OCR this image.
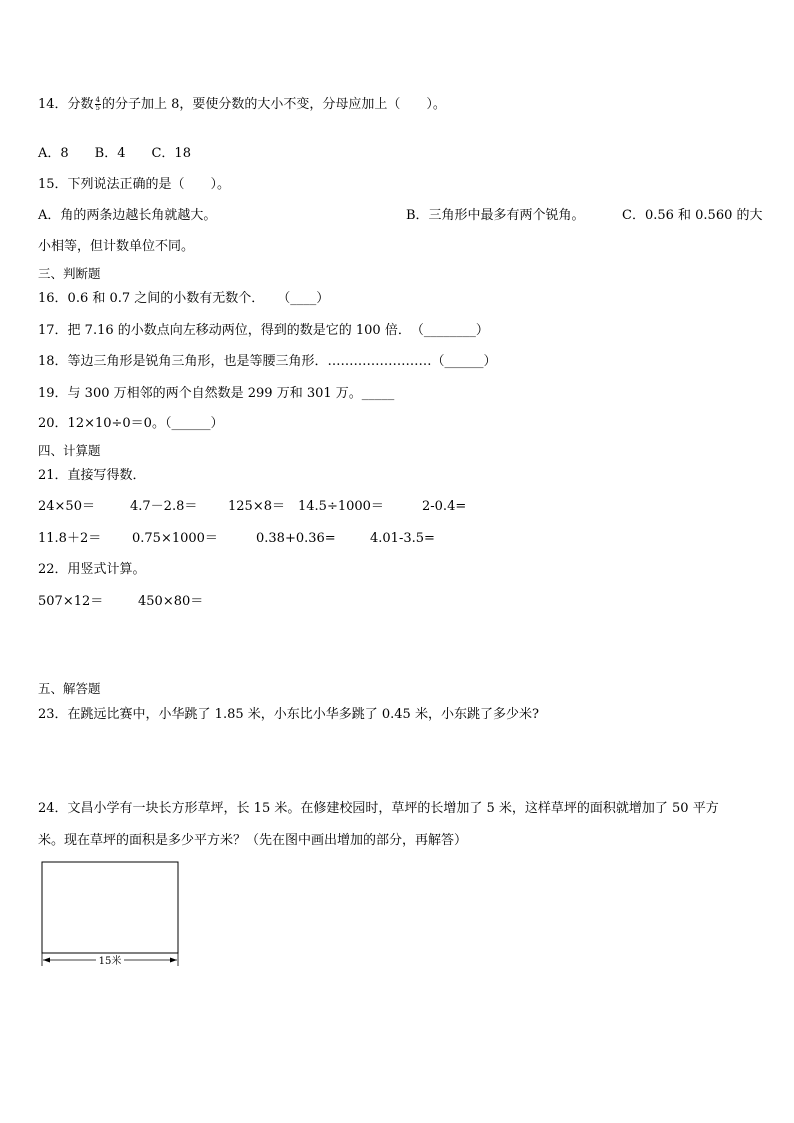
14．分数 $\frac{4}{5}$ 的分子加上 8，要使分数的大小不变，分母应加上（　　）。
A．8　　B．4　　C．18
15．下列说法正确的是（　　）。
A．角的两条边越长角就越大。	B．三角形中最多有两个锐角。	C．0.56 和 0.560 的大
小相等，但计数单位不同。
三、判断题
16．0.6 和 0.7 之间的小数有无数个．　　（____）
17．把 7.16 的小数点向左移动两位，得到的数是它的 100 倍．　（________）
18．等边三角形是锐角三角形，也是等腰三角形．……………………（______）
19．与 300 万相邻的两个自然数是 299 万和 301 万。_____
20．12×10÷0＝0。（______）
四、计算题
21．直接写得数．
24×50＝	4.7－2.8＝ 125×8＝ 14.5÷1000＝	2-0.4=
11.8＋2＝ 0.75×1000＝	0.38+0.36=	4.01-3.5=
22．用竖式计算。
507×12＝	450×80＝
五、解答题
23．在跳远比赛中，小华跳了 1.85 米，小东比小华多跳了 0.45 米，小东跳了多少米?
24．文昌小学有一块长方形草坪，长 15 米。在修建校园时，草坪的长增加了 5 米，这样草坪的面积就增加了 50 平方
米。现在草坪的面积是多少平方米？（先在图中画出增加的部分，再解答）
15米
